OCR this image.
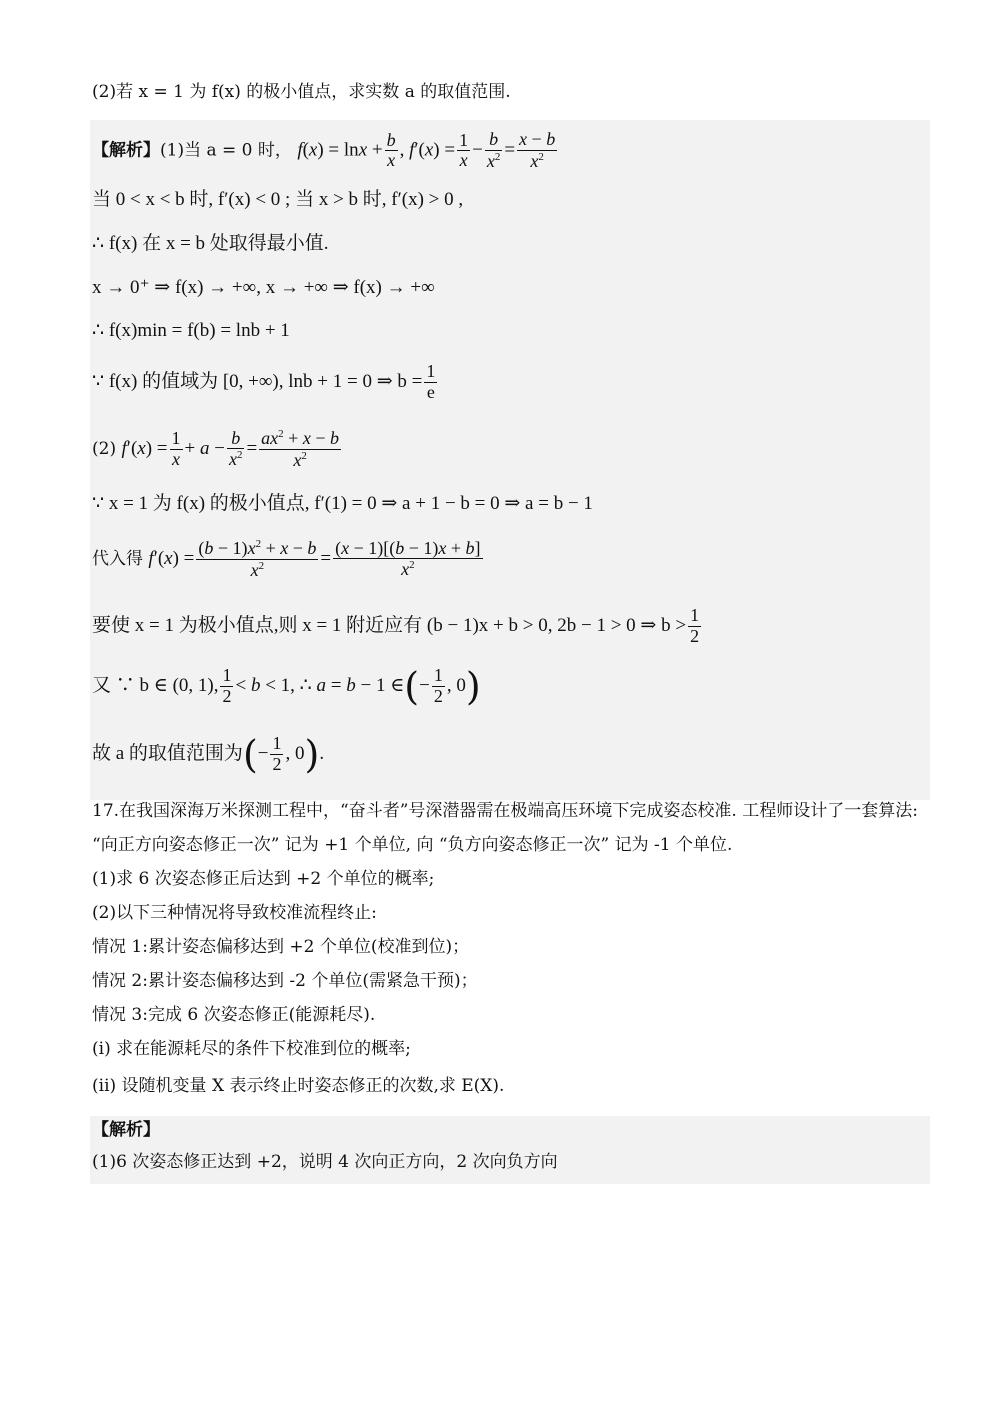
(2)若 x = 1 为 f(x) 的极小值点，求实数 a 的取值范围.
【解析】(1)当 a = 0 时， $f(x) = \ln x + \frac{b}{x}$ , $f'(x) = \frac{1}{x} - \frac{b}{x^2} = \frac{x - b}{x^2}$
当 0 < x < b 时, f′(x) < 0 ; 当 x > b 时, f′(x) > 0 ,
∴ f(x) 在 x = b 处取得最小值.
x → 0⁺ ⇒ f(x) → +∞, x → +∞ ⇒ f(x) → +∞
∴ f(x)min = f(b) = lnb + 1
∵ f(x) 的值域为 [0, +∞), lnb + 1 = 0 ⇒ $b = \frac{1}{e}$
(2) $f'(x) = \frac{1}{x} + a - \frac{b}{x^2} = \frac{ax^2 + x - b}{x^2}$
∵ x = 1 为 f(x) 的极小值点, f′(1) = 0 ⇒ a + 1 − b = 0 ⇒ a = b − 1
代入得 $f'(x) = \frac{(b - 1)x^2 + x - b}{x^2} = \frac{(x - 1)[(b - 1)x + b]}{x^2}$
要使 x = 1 为极小值点,则 x = 1 附近应有 (b − 1)x + b > 0, 2b − 1 > 0 ⇒ $b > \frac{1}{2}$
又 ∵ b ∈ (0, 1), $\frac{1}{2} < b < 1$, ∴ a = b − 1 ∈(− $\frac{1}{2}$ , 0)
故 a 的取值范围为(− $\frac{1}{2}$ , 0).
17.在我国深海万米探测工程中，“奋斗者”号深潜器需在极端高压环境下完成姿态校准. 工程师设计了一套算法:
“向正方向姿态修正一次” 记为 +1 个单位, 向 “负方向姿态修正一次” 记为 -1 个单位.
(1)求 6 次姿态修正后达到 +2 个单位的概率;
(2)以下三种情况将导致校准流程终止:
情况 1:累计姿态偏移达到 +2 个单位(校准到位)；
情况 2:累计姿态偏移达到 -2 个单位(需紧急干预)；
情况 3:完成 6 次姿态修正(能源耗尽).
(i) 求在能源耗尽的条件下校准到位的概率;
(ii) 设随机变量 X 表示终止时姿态修正的次数,求 E(X).
【解析】
(1)6 次姿态修正达到 +2，说明 4 次向正方向，2 次向负方向
